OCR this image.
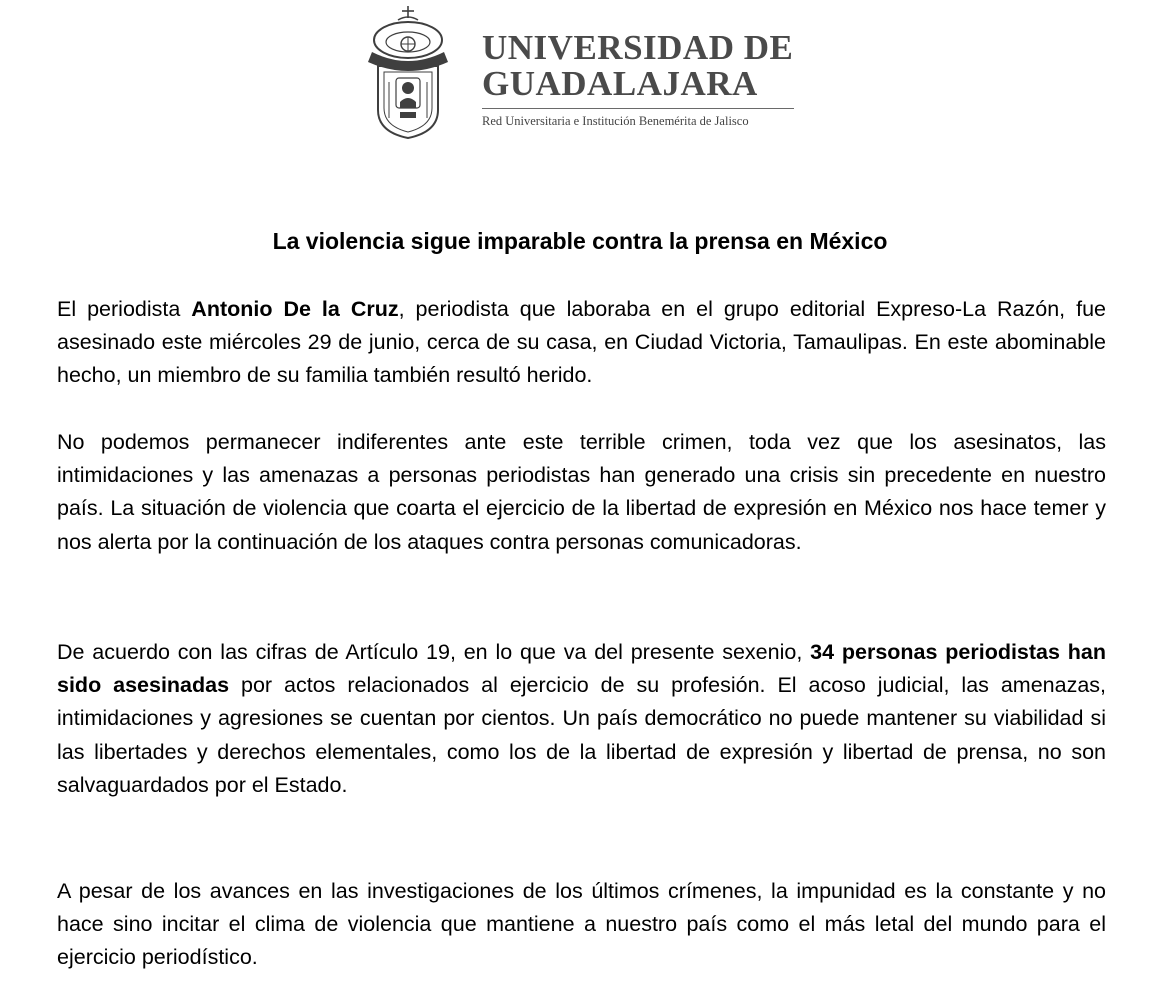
UNIVERSIDAD DE
GUADALAJARA
Red Universitaria e Institución Benemérita de Jalisco
La violencia sigue imparable contra la prensa en México

El periodista Antonio De la Cruz, periodista que laboraba en el grupo editorial Expreso-La Razón, fue asesinado este miércoles 29 de junio, cerca de su casa, en Ciudad Victoria, Tamaulipas. En este abominable hecho, un miembro de su familia también resultó herido.

No podemos permanecer indiferentes ante este terrible crimen, toda vez que los asesinatos, las intimidaciones y las amenazas a personas periodistas han generado una crisis sin precedente en nuestro país. La situación de violencia que coarta el ejercicio de la libertad de expresión en México nos hace temer y nos alerta por la continuación de los ataques contra personas comunicadoras.

De acuerdo con las cifras de Artículo 19, en lo que va del presente sexenio, 34 personas periodistas han sido asesinadas por actos relacionados al ejercicio de su profesión. El acoso judicial, las amenazas, intimidaciones y agresiones se cuentan por cientos. Un país democrático no puede mantener su viabilidad si las libertades y derechos elementales, como los de la libertad de expresión y libertad de prensa, no son salvaguardados por el Estado.

A pesar de los avances en las investigaciones de los últimos crímenes, la impunidad es la constante y no hace sino incitar el clima de violencia que mantiene a nuestro país como el más letal del mundo para el ejercicio periodístico.
